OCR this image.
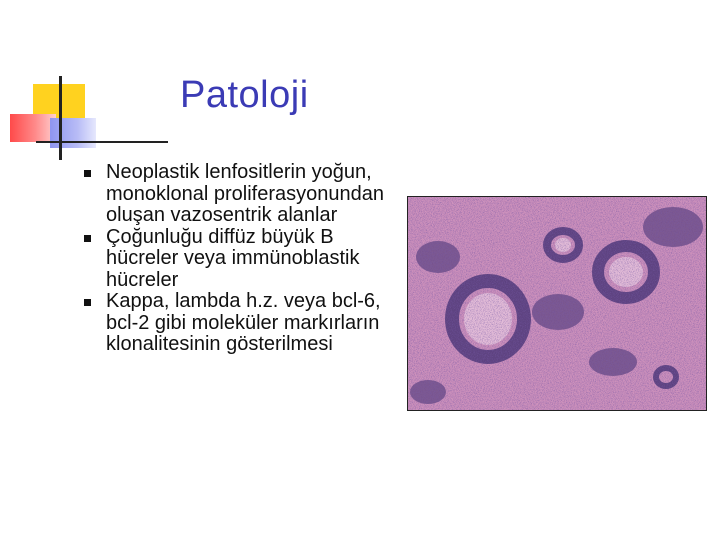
Patoloji
Neoplastik lenfositlerin yoğun, monoklonal proliferasyonundan oluşan vazosentrik alanlar
Çoğunluğu diffüz büyük B hücreler veya immünoblastik hücreler
Kappa, lambda h.z. veya bcl-6, bcl-2 gibi moleküler markırların klonalitesinin gösterilmesi
